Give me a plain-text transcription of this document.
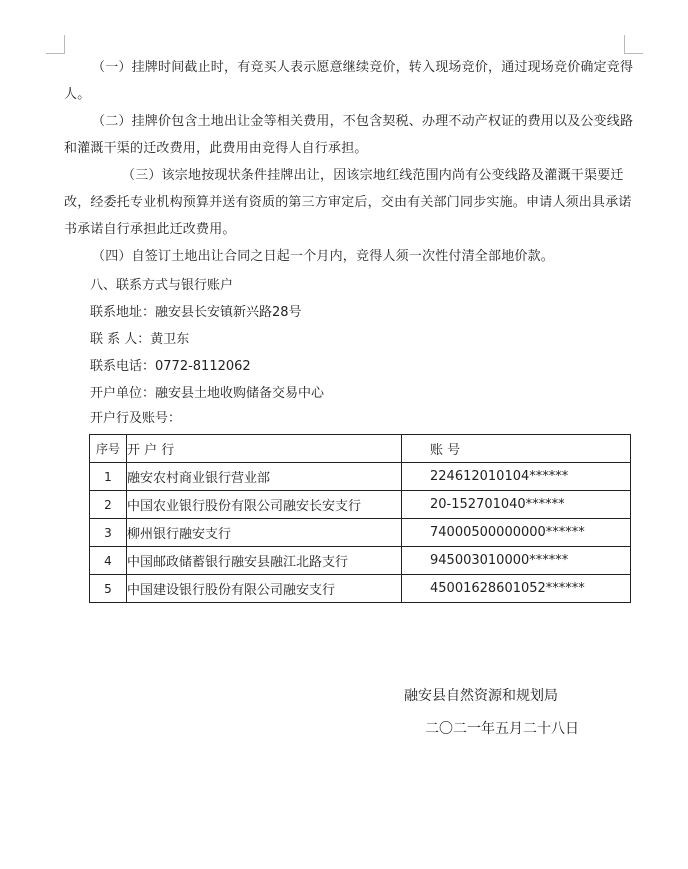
（一）挂牌时间截止时，有竞买人表示愿意继续竞价，转入现场竞价，通过现场竞价确定竞得人。

（二）挂牌价包含土地出让金等相关费用，不包含契税、办理不动产权证的费用以及公变线路和灌溉干渠的迁改费用，此费用由竞得人自行承担。

（三）该宗地按现状条件挂牌出让，因该宗地红线范围内尚有公变线路及灌溉干渠要迁改，经委托专业机构预算并送有资质的第三方审定后，交由有关部门同步实施。申请人须出具承诺书承诺自行承担此迁改费用。

（四）自签订土地出让合同之日起一个月内，竞得人须一次性付清全部地价款。

八、联系方式与银行账户

联系地址：融安县长安镇新兴路28号

联 系 人：黄卫东

联系电话：0772-8112062

开户单位：融安县土地收购储备交易中心

开户行及账号：

序号	开 户 行	账 号
1	融安农村商业银行营业部	224612010104******
2	中国农业银行股份有限公司融安长安支行	20-152701040******
3	柳州银行融安支行	74000500000000******
4	中国邮政储蓄银行融安县融江北路支行	945003010000******
5	中国建设银行股份有限公司融安支行	45001628601052******

融安县自然资源和规划局

二〇二一年五月二十八日
